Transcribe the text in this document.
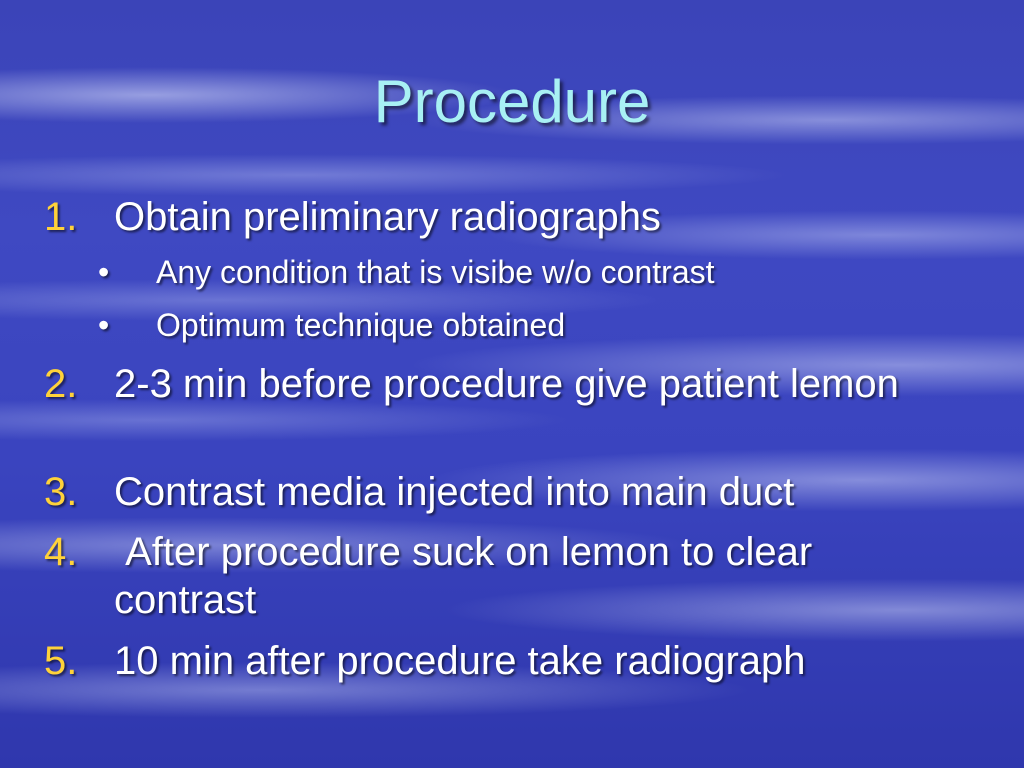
Procedure
1. Obtain preliminary radiographs
• Any condition that is visibe w/o contrast
• Optimum technique obtained
2. 2-3 min before procedure give patient lemon
3. Contrast media injected into main duct
4. After procedure suck on lemon to clear contrast
5. 10 min after procedure take radiograph
